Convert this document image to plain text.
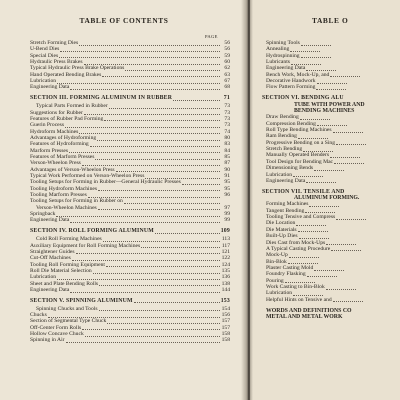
TABLE OF CONTENTS
PAGE
Stretch Forming Dies	56
U-Bend Dies	56
Special Dies	59
Hydraulic Press Brakes	60
Typical Hydraulic Press Brake Operations	62
Hand Operated Bending Brakes	63
Lubrication	67
Engineering Data	68
SECTION III. FORMING ALUMINUM IN RUBBER	71
Typical Parts Formed in Rubber	73
Suggestions for Rubber	73
Features of Rubber Pad Forming	73
Guerin Process	73
Hydroform Machines	74
Advantages of Hydroforming	80
Features of Hydroforming	83
Marform Presses	84
Features of Marform Presses	85
Verson-Wheelon Press	87
Advantages of Verson-Wheelon Press	90
Typical Work Performed on Verson-Wheelon Press	91
Tooling Setups for Forming in Rubber—General Hydraulic Presses	95
Tooling Hydroform Machines	95
Tooling Marform Presses	96
Tooling Setups for Forming in Rubber on
Verson-Wheelon Machines	97
Springback	99
Engineering Data	99
SECTION IV. ROLL FORMING ALUMINUM	109
Cold Roll Forming Machines	113
Auxiliary Equipment for Roll Forming Machines	117
Straightener Guides	121
Cut-Off Machines	122
Tooling Roll Forming Equipment	124
Roll Die Material Selection	135
Lubrication	136
Sheet and Plate Bending Rolls	138
Engineering Data	144
SECTION V. SPINNING ALUMINUM	153
Spinning Chucks and Tools	154
Chucks	156
Section of Segmental Type Chuck	157
Off-Center Form Rolls	157
Hollow Concave Chuck	158
Spinning in Air	158
TABLE O
Spinning Tools
Annealing
Hydrospinning
Lubricants
Engineering Data
Bench Work, Mock-Up, and
Decorative Handwork
Flow Pattern Forming
SECTION VI. BENDING ALU
TUBE WITH POWER AND
BENDING MACHINES
Draw Bending
Compression Bending
Roll Type Bending Machines
Ram Bending
Progressive Bending on a Sing
Stretch Bending
Manually Operated Benders
Tool Design for Bending Mac
Dimensioning Bends
Lubrication
Engineering Data
SECTION VII. TENSILE AND
ALUMINUM FORMING.
Forming Machines
Tangent Bending
Tooling Tensive and Compress
Die Location
Die Materials
Built-Up Dies
Dies Cast from Mock-Ups
A Typical Casting Procedure
Mock-Up
Bin-Blok
Plaster Casting Mold
Foundry Flasking
Pouring
Work Casting to Bin-Blok
Lubrication
Helpful Hints on Tensive and
WORDS AND DEFINITIONS CO
METAL AND METAL WORK
